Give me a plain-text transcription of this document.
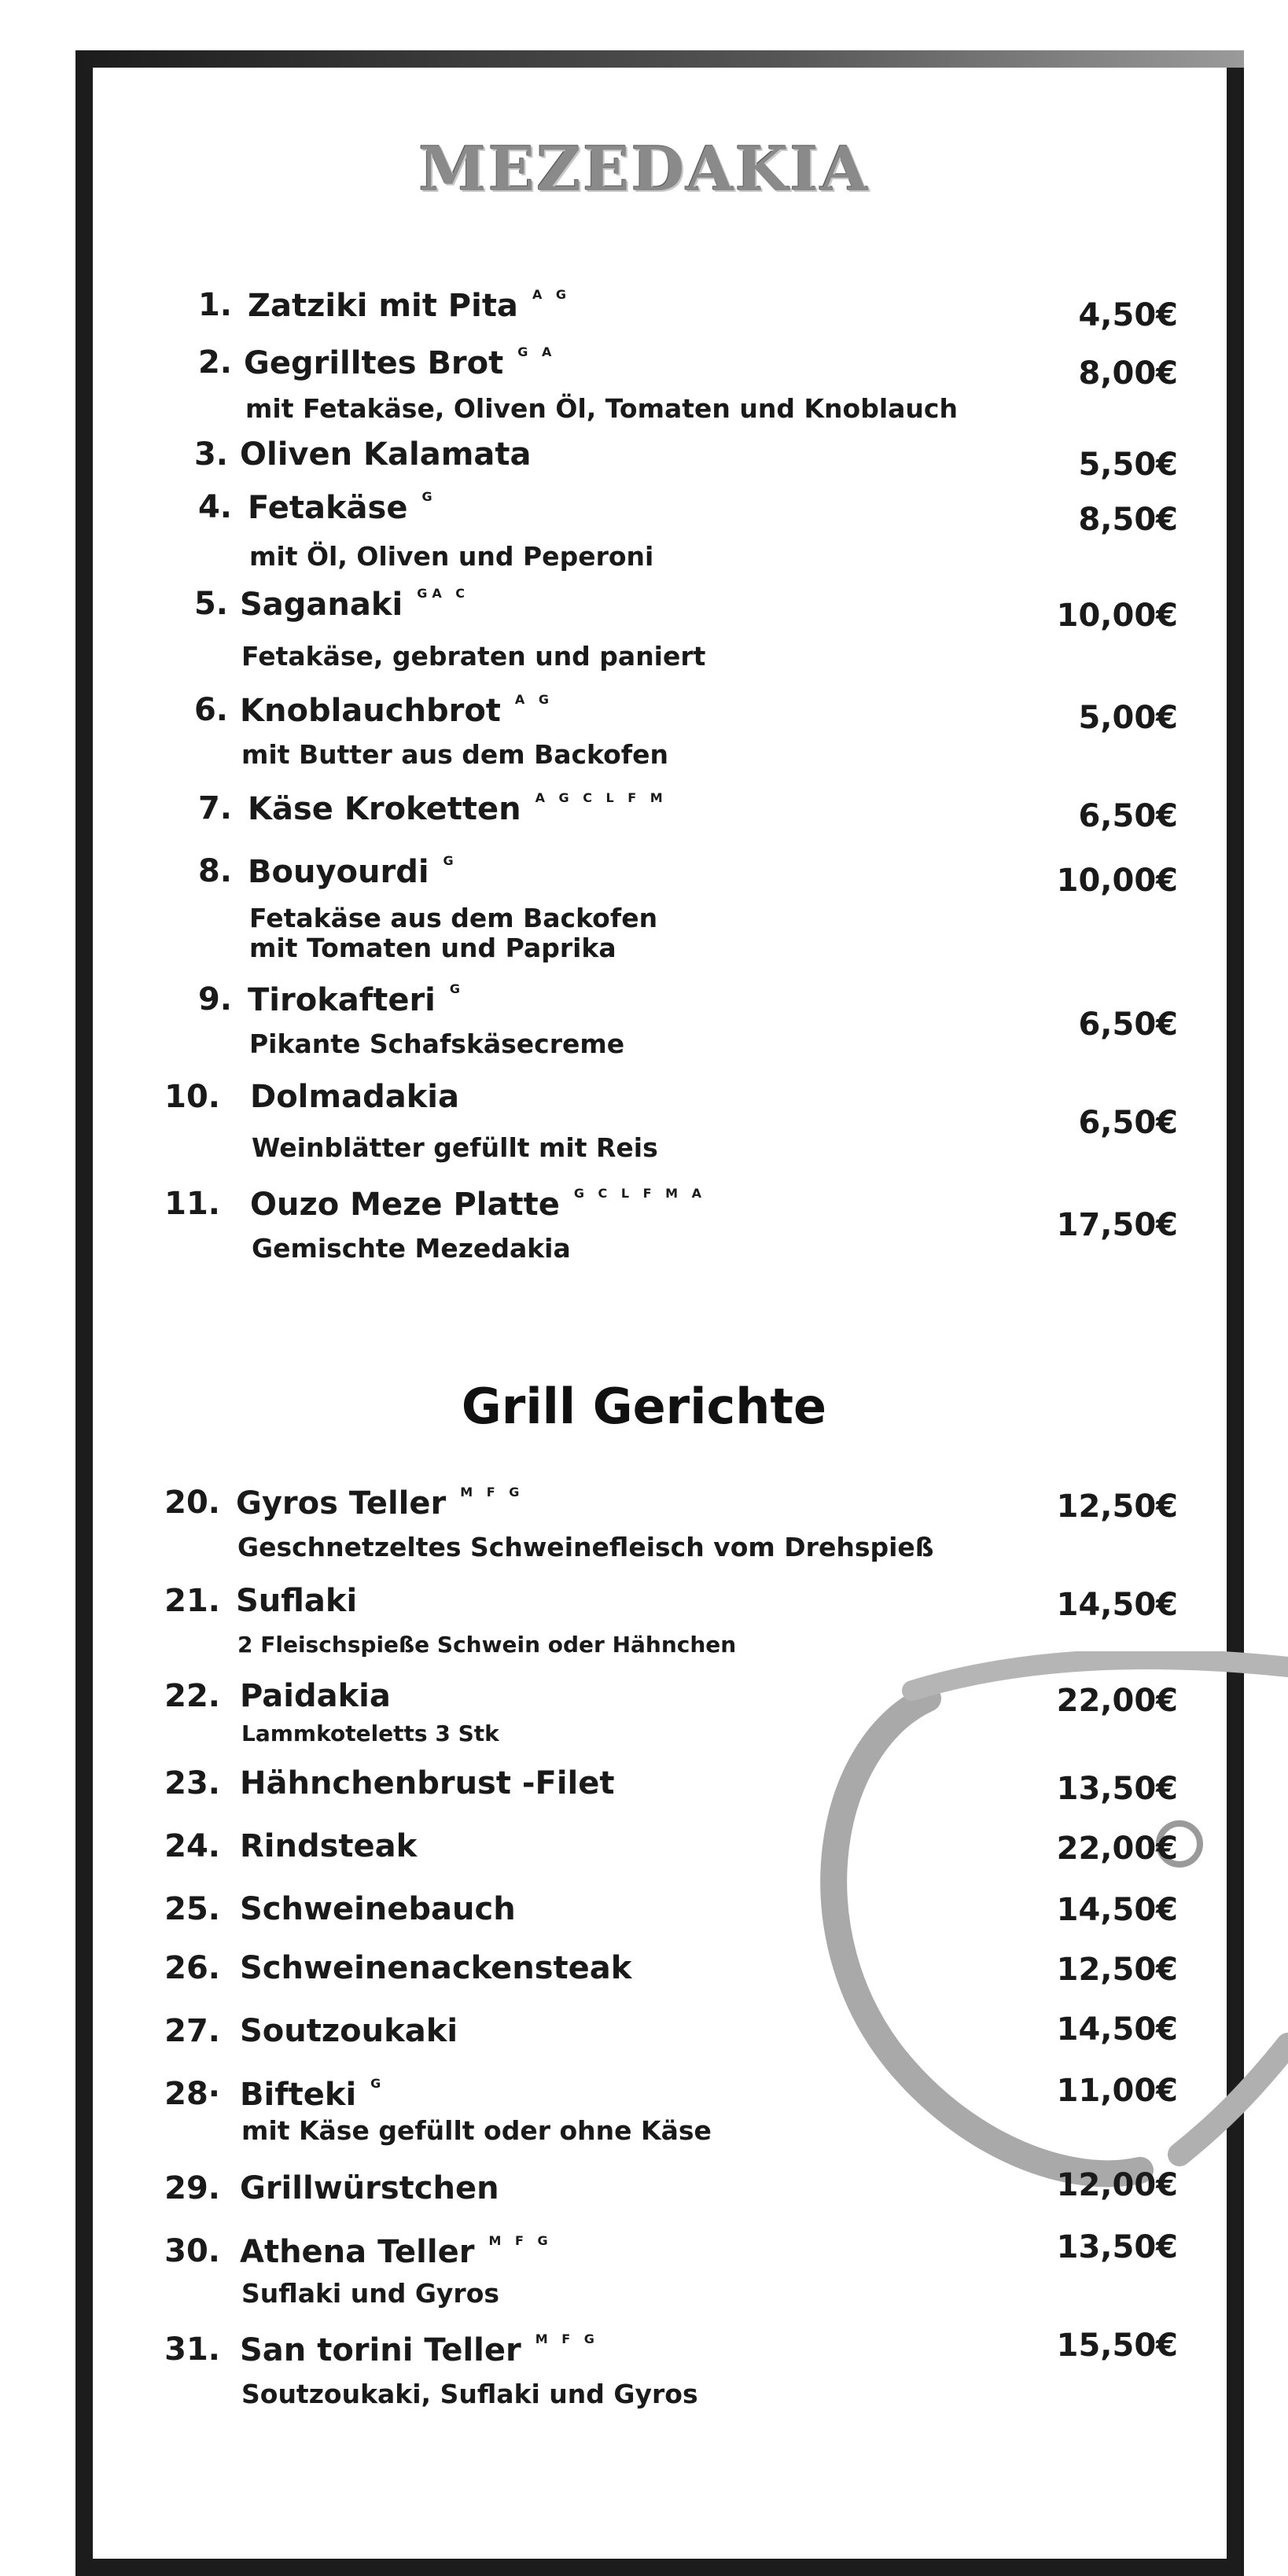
MEZEDAKIA
1. Zatziki mit Pita $^{A G}$
4,50€
2. Gegrilltes Brot $^{G A}$
mit Fetakäse, Oliven Öl, Tomaten und Knoblauch
8,00€
3. Oliven Kalamata	5,50€
4. Fetakäse $^G$
mit Öl, Oliven und Peperoni
8,50€
5. Saganaki $^{GA C}$
Fetakäse, gebraten und paniert
10,00€
6. Knoblauchbrot $^{A G}$
mit Butter aus dem Backofen
5,00€
7. Käse Kroketten $^{A G C L F M}$
6,50€
8. Bouyourdi $^G$
Fetakäse aus dem Backofen
mit Tomaten und Paprika
10,00€
9. Tirokafteri $^G$
Pikante Schafskäsecreme
6,50€
10. Dolmadakia
Weinblätter gefüllt mit Reis
6,50€
11. Ouzo Meze Platte $^{G C L F M A}$
Gemischte Mezedakia
17,50€
Grill Gerichte
20. Gyros Teller $^{M F G}$
Geschnetzeltes Schweinefleisch vom Drehspieß
12,50€
21. Suflaki
2 Fleischspieße Schwein oder Hähnchen
14,50€
22. Paidakia
Lammkoteletts 3 Stk
22,00€
23. Hähnchenbrust -Filet	13,50€
24. Rindsteak	22,00€
25. Schweinebauch	14,50€
26. Schweinenackensteak	12,50€
27. Soutzoukaki	14,50€
28· Bifteki $^G$
mit Käse gefüllt oder ohne Käse
11,00€
29. Grillwürstchen	12,00€
30. Athena Teller $^{M F G}$
Suflaki und Gyros
13,50€
31. San torini Teller $^{M F G}$
Soutzoukaki, Suflaki und Gyros
15,50€
